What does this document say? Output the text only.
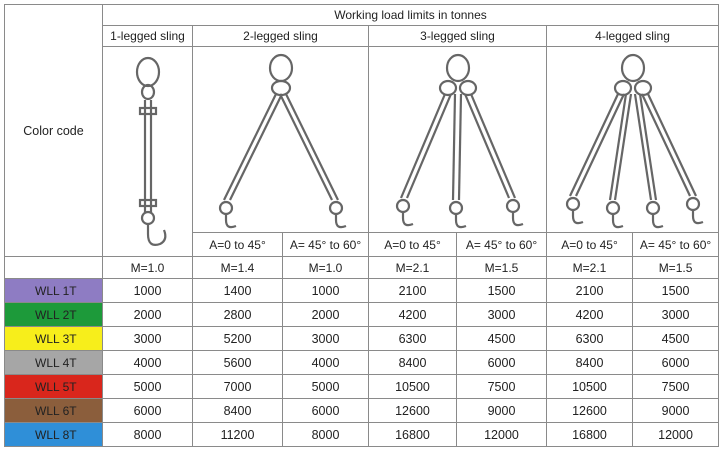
Color code	Working load limits in tonnes						
	1-legged sling	2-legged sling		3-legged sling		4-legged sling	

		A=0 to 45°	A= 45° to 60°	A=0 to 45°	A= 45° to 60°	A=0 to 45°	A= 45° to 60°
	M=1.0	M=1.4	M=1.0	M=2.1	M=1.5	M=2.1	M=1.5
WLL 1T	1000	1400	1000	2100	1500	2100	1500
WLL 2T	2000	2800	2000	4200	3000	4200	3000
WLL 3T	3000	5200	3000	6300	4500	6300	4500
WLL 4T	4000	5600	4000	8400	6000	8400	6000
WLL 5T	5000	7000	5000	10500	7500	10500	7500
WLL 6T	6000	8400	6000	12600	9000	12600	9000
WLL 8T	8000	11200	8000	16800	12000	16800	12000
